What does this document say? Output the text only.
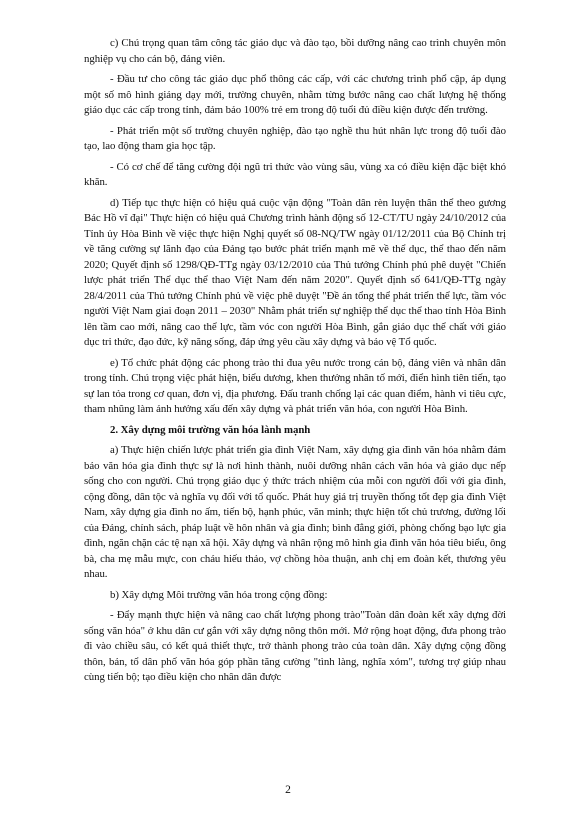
c) Chú trọng quan tâm công tác giáo dục và đào tạo, bồi dưỡng nâng cao trình chuyên môn nghiệp vụ cho cán bộ, đảng viên.

- Đầu tư cho công tác giáo dục phổ thông các cấp, với các chương trình phổ cập, áp dụng một số mô hình giảng dạy mới, trường chuyên, nhằm từng bước nâng cao chất lượng hệ thống giáo dục các cấp trong tỉnh, đảm bảo 100% trẻ em trong độ tuổi đủ điều kiện được đến trường.

- Phát triển một số trường chuyên nghiệp, đào tạo nghề thu hút nhân lực trong độ tuổi đào tạo, lao động tham gia học tập.

- Có cơ chế để tăng cường đội ngũ tri thức vào vùng sâu, vùng xa có điều kiện đặc biệt khó khăn.

d) Tiếp tục thực hiện có hiệu quả cuộc vận động "Toàn dân rèn luyện thân thể theo gương Bác Hồ vĩ đại" Thực hiện có hiệu quả Chương trình hành động số 12-CT/TU ngày 24/10/2012 của Tỉnh ủy Hòa Bình về việc thực hiện Nghị quyết số 08-NQ/TW ngày 01/12/2011 của Bộ Chính trị về tăng cường sự lãnh đạo của Đảng tạo bước phát triển mạnh mẽ về thể dục, thể thao đến năm 2020; Quyết định số 1298/QĐ-TTg ngày 03/12/2010 của Thủ tướng Chính phủ phê duyệt "Chiến lược phát triển Thể dục thể thao Việt Nam đến năm 2020". Quyết định số 641/QĐ-TTg ngày 28/4/2011 của Thủ tướng Chính phủ về việc phê duyệt "Đề án tổng thể phát triển thể lực, tầm vóc người Việt Nam giai đoạn 2011 – 2030" Nhằm phát triển sự nghiệp thể dục thể thao tỉnh Hòa Bình lên tầm cao mới, nâng cao thể lực, tầm vóc con người Hòa Bình, gắn giáo dục thể chất với giáo dục tri thức, đạo đức, kỹ năng sống, đáp ứng yêu cầu xây dựng và bảo vệ Tổ quốc.

e) Tổ chức phát động các phong trào thi đua yêu nước trong cán bộ, đảng viên và nhân dân trong tỉnh. Chú trọng việc phát hiện, biểu dương, khen thưởng nhân tố mới, điển hình tiên tiến, tạo sự lan tỏa trong cơ quan, đơn vị, địa phương. Đấu tranh chống lại các quan điểm, hành vi tiêu cực, tham nhũng làm ảnh hưởng xấu đến xây dựng và phát triển văn hóa, con người Hòa Bình.

2. Xây dựng môi trường văn hóa lành mạnh

a) Thực hiện chiến lược phát triển gia đình Việt Nam, xây dựng gia đình văn hóa nhằm đảm bảo văn hóa gia đình thực sự là nơi hình thành, nuôi dưỡng nhân cách văn hóa và giáo dục nếp sống cho con người. Chú trọng giáo dục ý thức trách nhiệm của mỗi con người đối với gia đình, cộng đồng, dân tộc và nghĩa vụ đối với tổ quốc. Phát huy giá trị truyền thống tốt đẹp gia đình Việt Nam, xây dựng gia đình no ấm, tiến bộ, hạnh phúc, văn minh; thực hiện tốt chủ trương, đường lối của Đảng, chính sách, pháp luật về hôn nhân và gia đình; bình đẳng giới, phòng chống bạo lực gia đình, ngăn chặn các tệ nạn xã hội. Xây dựng và nhân rộng mô hình gia đình văn hóa tiêu biểu, ông bà, cha mẹ mẫu mực, con cháu hiếu thảo, vợ chồng hòa thuận, anh chị em đoàn kết, thương yêu nhau.

b) Xây dựng Môi trường văn hóa trong cộng đồng:

- Đẩy mạnh thực hiện và nâng cao chất lượng phong trào"Toàn dân đoàn kết xây dựng đời sống văn hóa" ở khu dân cư gắn với xây dựng nông thôn mới. Mở rộng hoạt động, đưa phong trào đi vào chiều sâu, có kết quả thiết thực, trở thành phong trào của toàn dân. Xây dựng cộng đồng thôn, bản, tổ dân phố văn hóa góp phần tăng cường "tình làng, nghĩa xóm", tương trợ giúp nhau cùng tiến bộ; tạo điều kiện cho nhân dân được

2
